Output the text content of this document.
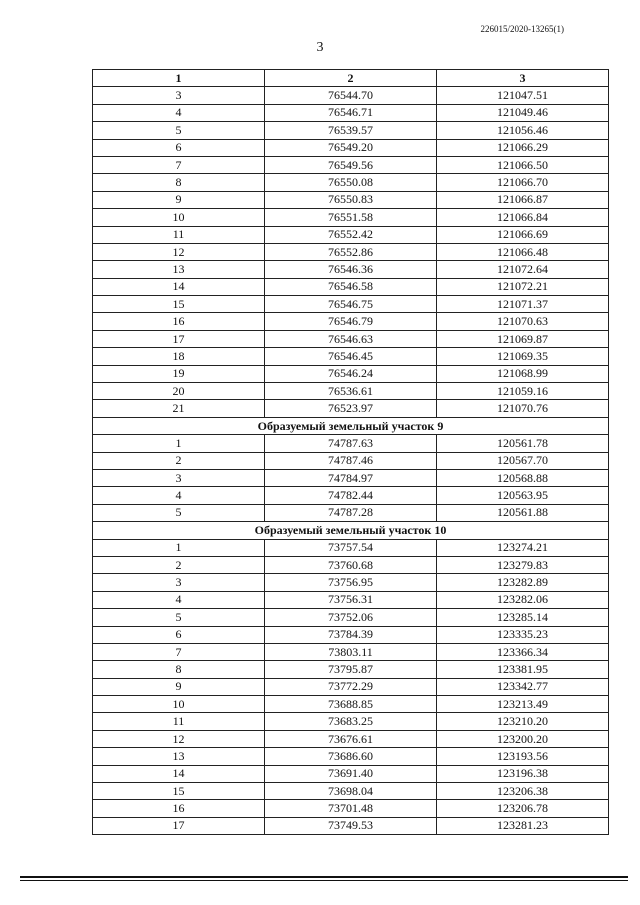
226015/2020-13265(1)
3
1	2	3
3	76544.70	121047.51
4	76546.71	121049.46
5	76539.57	121056.46
6	76549.20	121066.29
7	76549.56	121066.50
8	76550.08	121066.70
9	76550.83	121066.87
10	76551.58	121066.84
11	76552.42	121066.69
12	76552.86	121066.48
13	76546.36	121072.64
14	76546.58	121072.21
15	76546.75	121071.37
16	76546.79	121070.63
17	76546.63	121069.87
18	76546.45	121069.35
19	76546.24	121068.99
20	76536.61	121059.16
21	76523.97	121070.76
Образуемый земельный участок 9		
1	74787.63	120561.78
2	74787.46	120567.70
3	74784.97	120568.88
4	74782.44	120563.95
5	74787.28	120561.88
Образуемый земельный участок 10		
1	73757.54	123274.21
2	73760.68	123279.83
3	73756.95	123282.89
4	73756.31	123282.06
5	73752.06	123285.14
6	73784.39	123335.23
7	73803.11	123366.34
8	73795.87	123381.95
9	73772.29	123342.77
10	73688.85	123213.49
11	73683.25	123210.20
12	73676.61	123200.20
13	73686.60	123193.56
14	73691.40	123196.38
15	73698.04	123206.38
16	73701.48	123206.78
17	73749.53	123281.23
